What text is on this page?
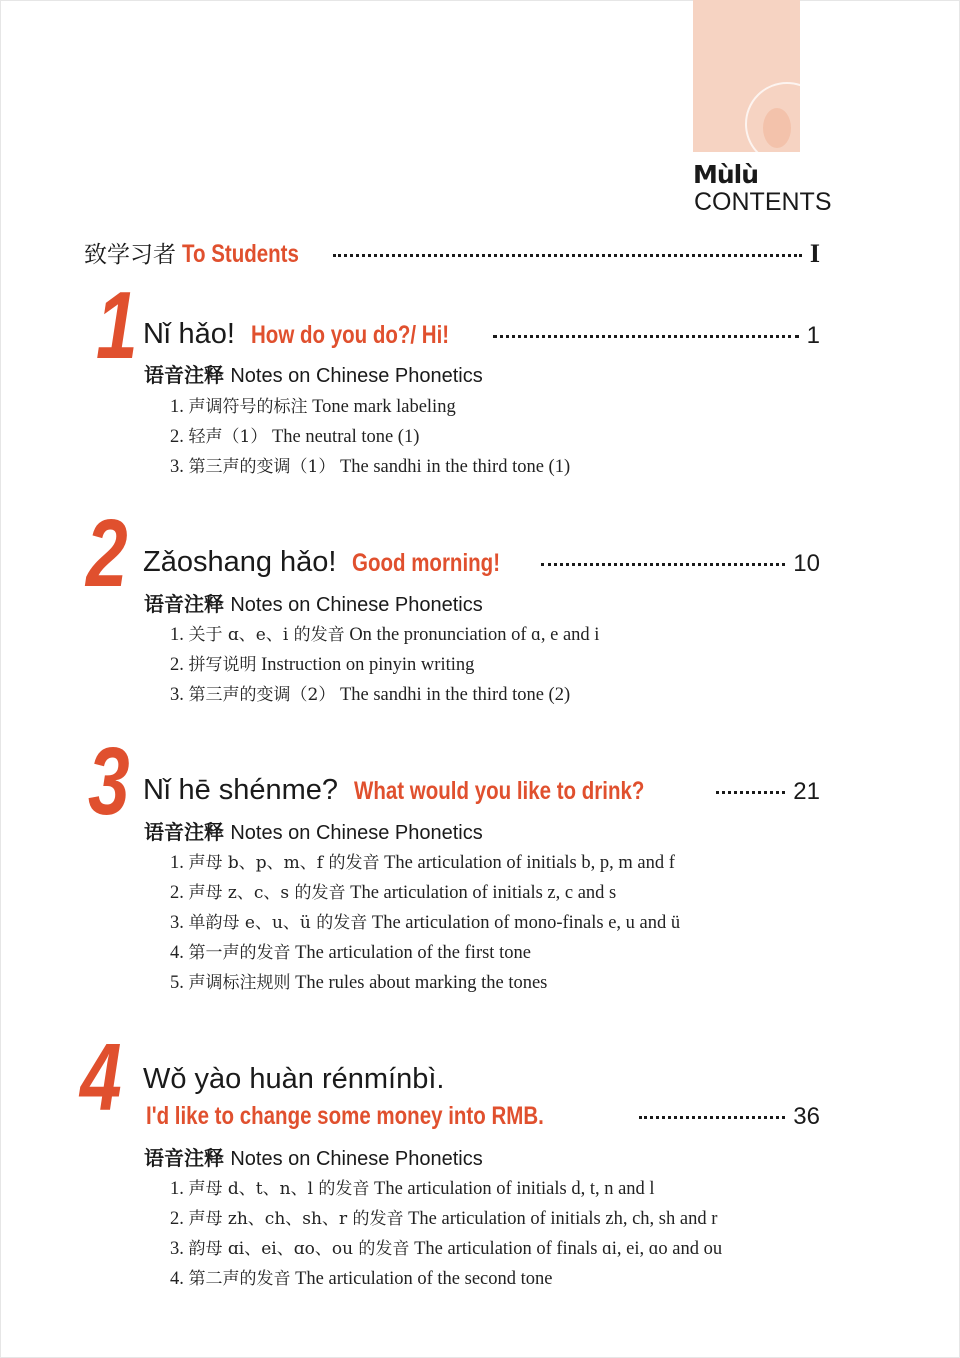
Mùlù
CONTENTS
致学习者 To Students	I
1 Nǐ hǎo! How do you do?/ Hi!	1
语音注释 Notes on Chinese Phonetics
1. 声调符号的标注 Tone mark labeling
2. 轻声（1） The neutral tone (1)
3. 第三声的变调（1） The sandhi in the third tone (1)
2 Zǎoshang hǎo! Good morning!	10
语音注释 Notes on Chinese Phonetics
1. 关于 ɑ、e、i 的发音 On the pronunciation of ɑ, e and i
2. 拼写说明 Instruction on pinyin writing
3. 第三声的变调（2） The sandhi in the third tone (2)
3 Nǐ hē shénme? What would you like to drink?	21
语音注释 Notes on Chinese Phonetics
1. 声母 b、p、m、f 的发音 The articulation of initials b, p, m and f
2. 声母 z、c、s 的发音 The articulation of initials z, c and s
3. 单韵母 e、u、ü 的发音 The articulation of mono-finals e, u and ü
4. 第一声的发音 The articulation of the first tone
5. 声调标注规则 The rules about marking the tones
4 Wǒ yào huàn rénmínbì.
I'd like to change some money into RMB.	36
语音注释 Notes on Chinese Phonetics
1. 声母 d、t、n、l 的发音 The articulation of initials d, t, n and l
2. 声母 zh、ch、sh、r 的发音 The articulation of initials zh, ch, sh and r
3. 韵母 ɑi、ei、ɑo、ou 的发音 The articulation of finals ɑi, ei, ɑo and ou
4. 第二声的发音 The articulation of the second tone
